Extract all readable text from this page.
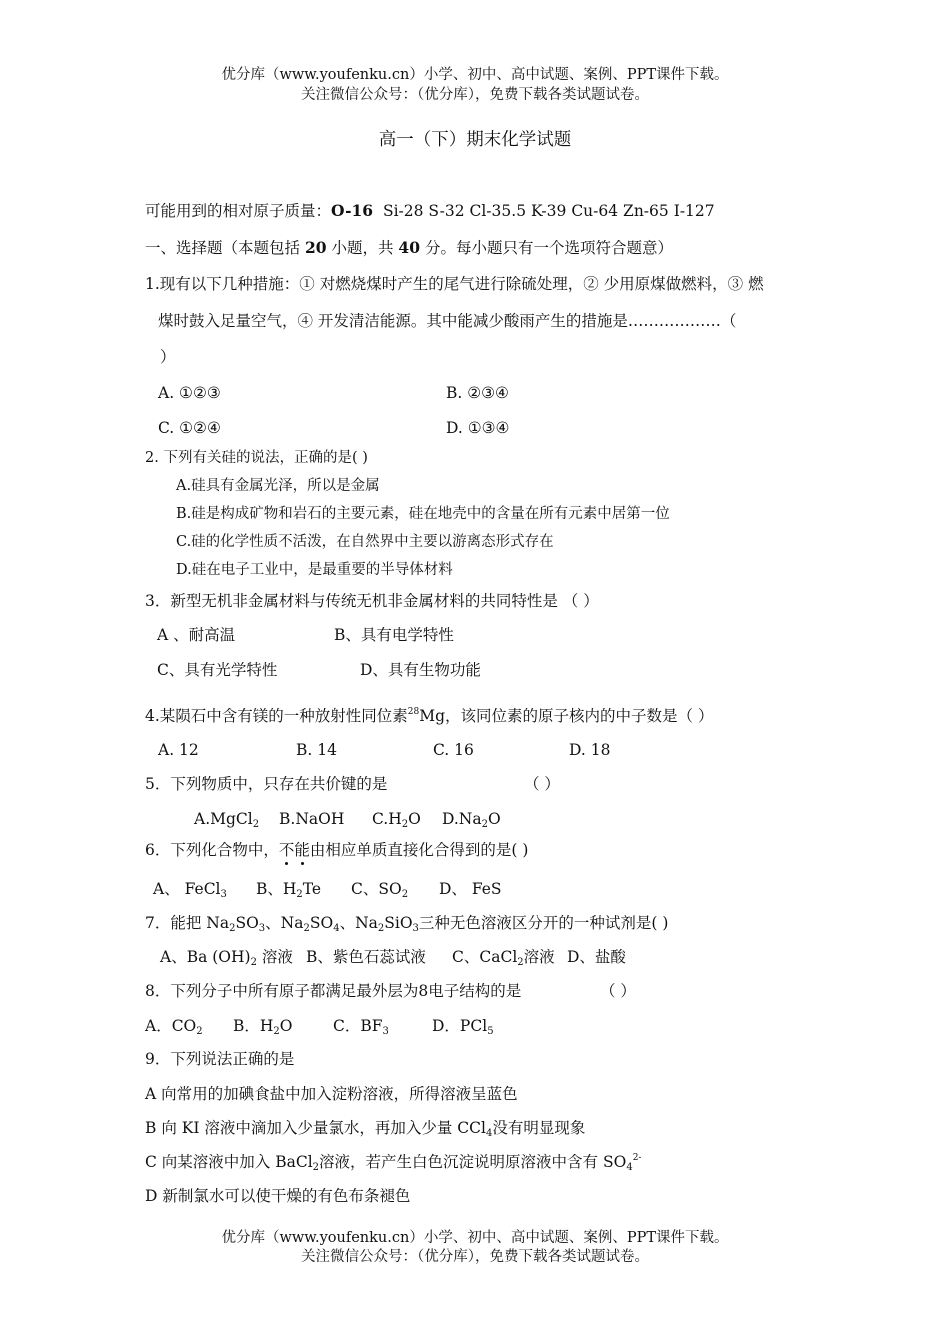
优分库（www.youfenku.cn）小学、初中、高中试题、案例、PPT课件下载。
关注微信公众号：（优分库），免费下载各类试题试卷。
高一（下）期末化学试题
可能用到的相对原子质量：O-16 Si-28 S-32 Cl-35.5 K-39 Cu-64 Zn-65 I-127
一、选择题（本题包括 20 小题，共 40 分。每小题只有一个选项符合题意）
1.现有以下几种措施：① 对燃烧煤时产生的尾气进行除硫处理，② 少用原煤做燃料，③ 燃
煤时鼓入足量空气，④ 开发清洁能源。其中能减少酸雨产生的措施是………………（
）
A. ①②③	B. ②③④
C. ①②④	D. ①③④
2. 下列有关硅的说法，正确的是( )
A.硅具有金属光泽，所以是金属
B.硅是构成矿物和岩石的主要元素，硅在地壳中的含量在所有元素中居第一位
C.硅的化学性质不活泼，在自然界中主要以游离态形式存在
D.硅在电子工业中，是最重要的半导体材料
3．新型无机非金属材料与传统无机非金属材料的共同特性是 （ ）
A 、耐高温	B、具有电学特性
C、具有光学特性	D、具有生物功能
4.某陨石中含有镁的一种放射性同位素$^{28}$Mg，该同位素的原子核内的中子数是（ ）
A. 12	B. 14	C. 16	D. 18
5．下列物质中，只存在共价键的是	（ ）
A.MgCl$_2$ B.NaOH $C.H_2O$ $D.Na_2O$
6．下列化合物中，不能由相应单质直接化合得到的是( )
A、 FeCl$_3$ B、$H_2Te$ C、$SO_2$ D、 FeS
7．能把 $Na_2SO_3$、$Na_2SO_4$、$Na_2SiO_3$三种无色溶液区分开的一种试剂是( )
A、Ba $(OH)_2$ 溶液 B、紫色石蕊试液 C、CaCl$_2$溶液 D、盐酸
8．下列分子中所有原子都满足最外层为8电子结构的是	（ ）
A．$CO_2$ B．$H_2O$	C．$BF_3$	D．PCl$_5$
9．下列说法正确的是
A 向常用的加碘食盐中加入淀粉溶液，所得溶液呈蓝色
B 向 KI 溶液中滴加入少量氯水，再加入少量 CCl$_4$没有明显现象
C 向某溶液中加入 BaCl$_2$溶液，若产生白色沉淀说明原溶液中含有 $SO_4^{2-}$
D 新制氯水可以使干燥的有色布条褪色
优分库（www.youfenku.cn）小学、初中、高中试题、案例、PPT课件下载。
关注微信公众号：（优分库），免费下载各类试题试卷。
